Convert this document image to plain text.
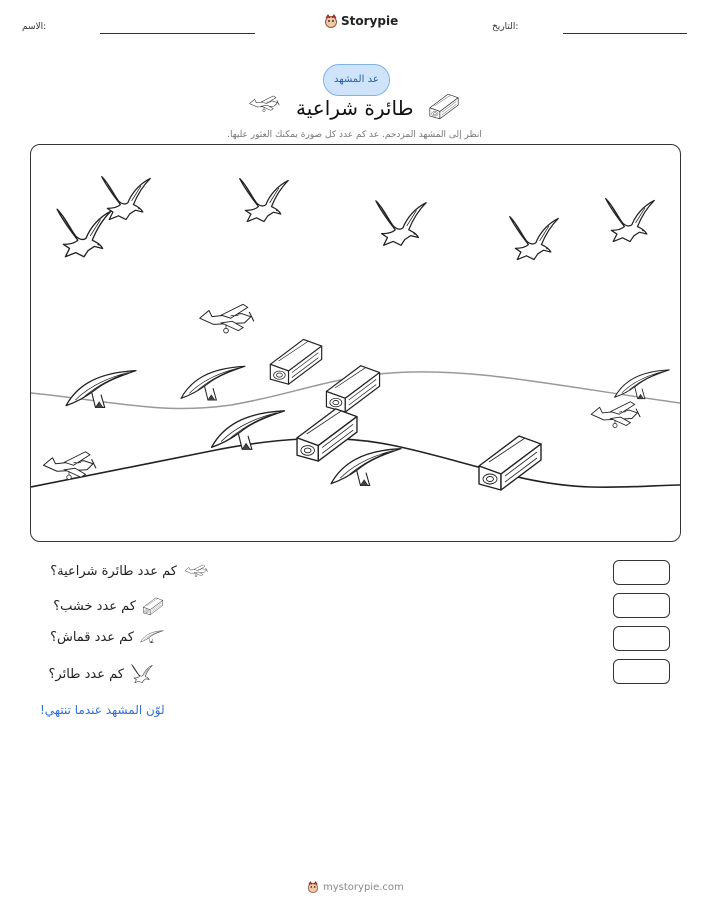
الاسم:	Storypie	التاريخ:
عد المشهد
طائرة شراعية
انظر إلى المشهد المزدحم. عد كم عدد كل صورة يمكنك العثور عليها.
كم عدد طائرة شراعية؟
كم عدد خشب؟
كم عدد قماش؟
كم عدد طائر؟
لوّن المشهد عندما تنتهي!
mystorypie.com
